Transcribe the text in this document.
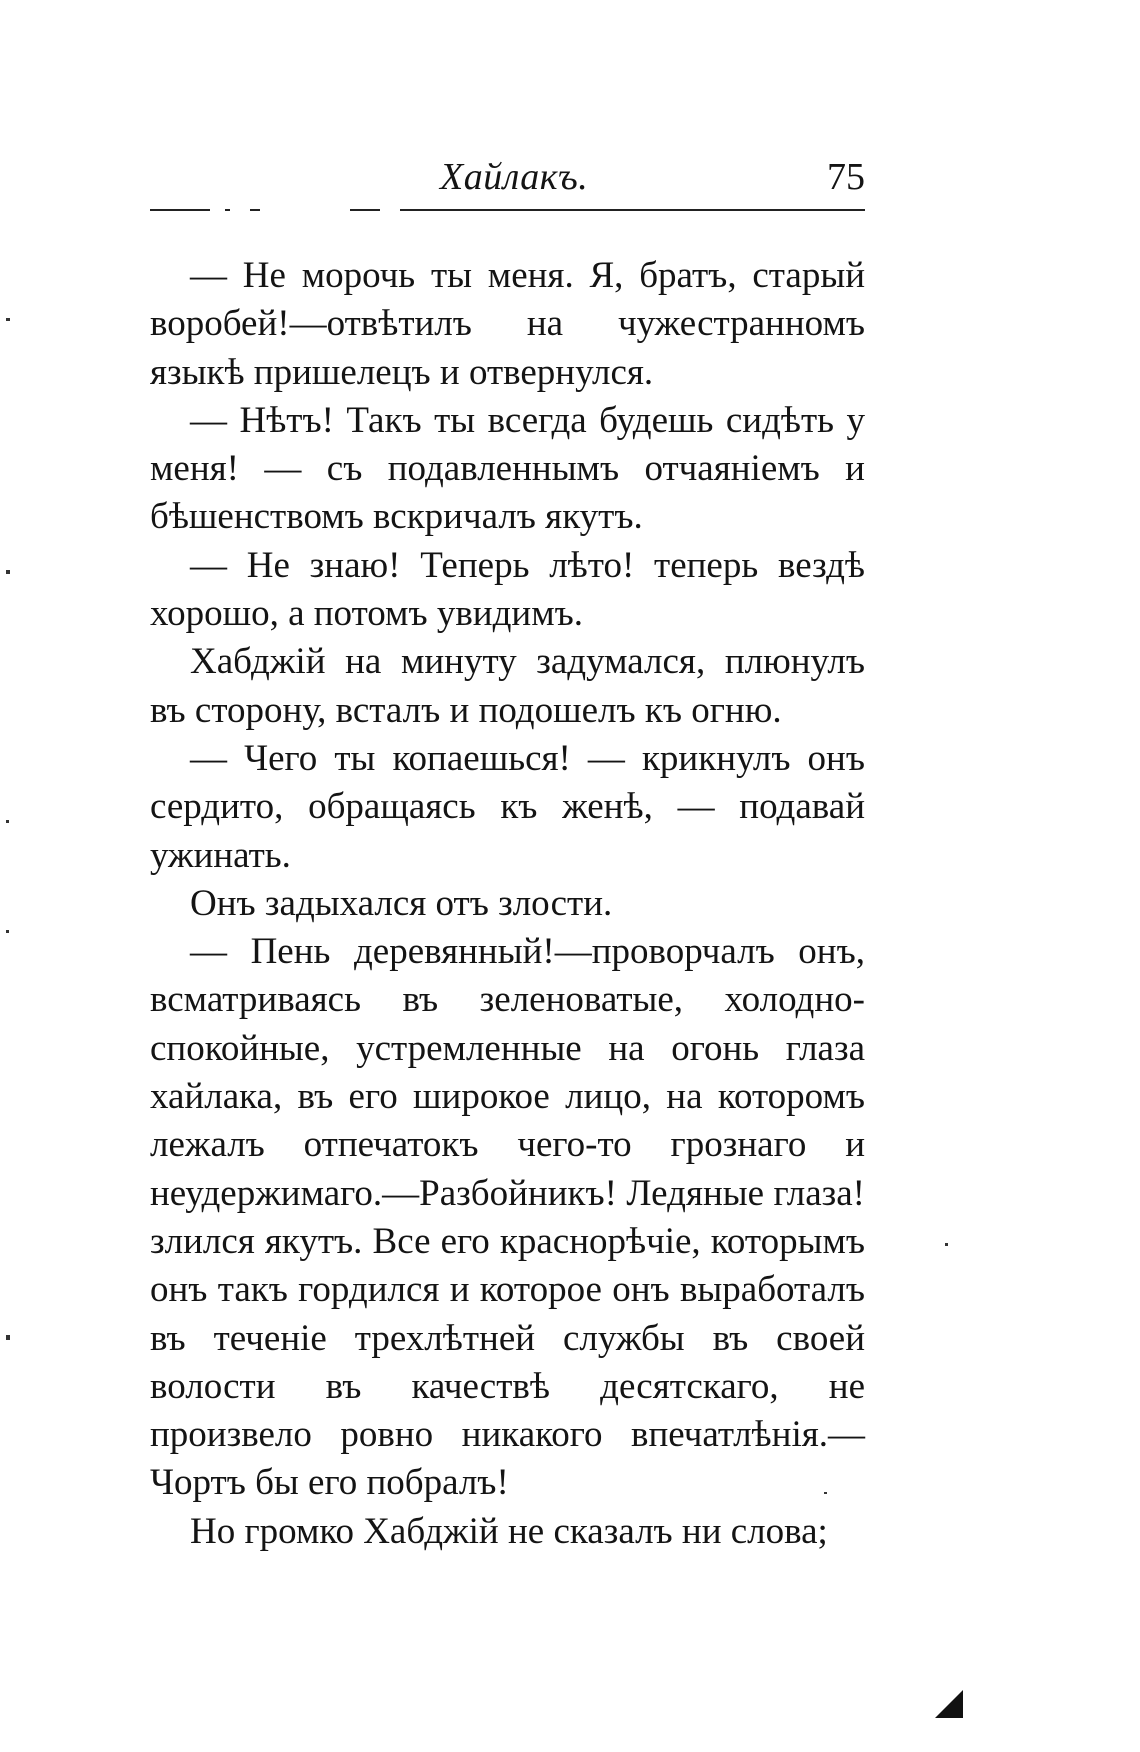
Хайлакъ.	75

— Не морочь ты меня. Я, братъ, старый воробей!—отвѣтилъ на чужестранномъ языкѣ пришелецъ и отвернулся.

— Нѣтъ! Такъ ты всегда будешь сидѣть у меня! — съ подавленнымъ отчаяніемъ и бѣшенствомъ вскричалъ якутъ.

— Не знаю! Теперь лѣто! теперь вездѣ хорошо, а потомъ увидимъ.

Хабджій на минуту задумался, плюнулъ въ сторону, всталъ и подошелъ къ огню.

— Чего ты копаешься! — крикнулъ онъ сердито, обращаясь къ женѣ, — подавай ужинать.

Онъ задыхался отъ злости.

— Пень деревянный!—проворчалъ онъ, всматриваясь въ зеленоватые, холодно-спокойные, устремленные на огонь глаза хайлака, въ его широкое лицо, на которомъ лежалъ отпечатокъ чего-то грознаго и неудержимаго.—Разбойникъ! Ледяные глаза! злился якутъ. Все его краснорѣчіе, которымъ онъ такъ гордился и которое онъ выработалъ въ теченіе трехлѣтней службы въ своей волости въ качествѣ десятскаго, не произвело ровно никакого впечатлѣнія.—Чортъ бы его побралъ!

Но громко Хабджій не сказалъ ни слова;
